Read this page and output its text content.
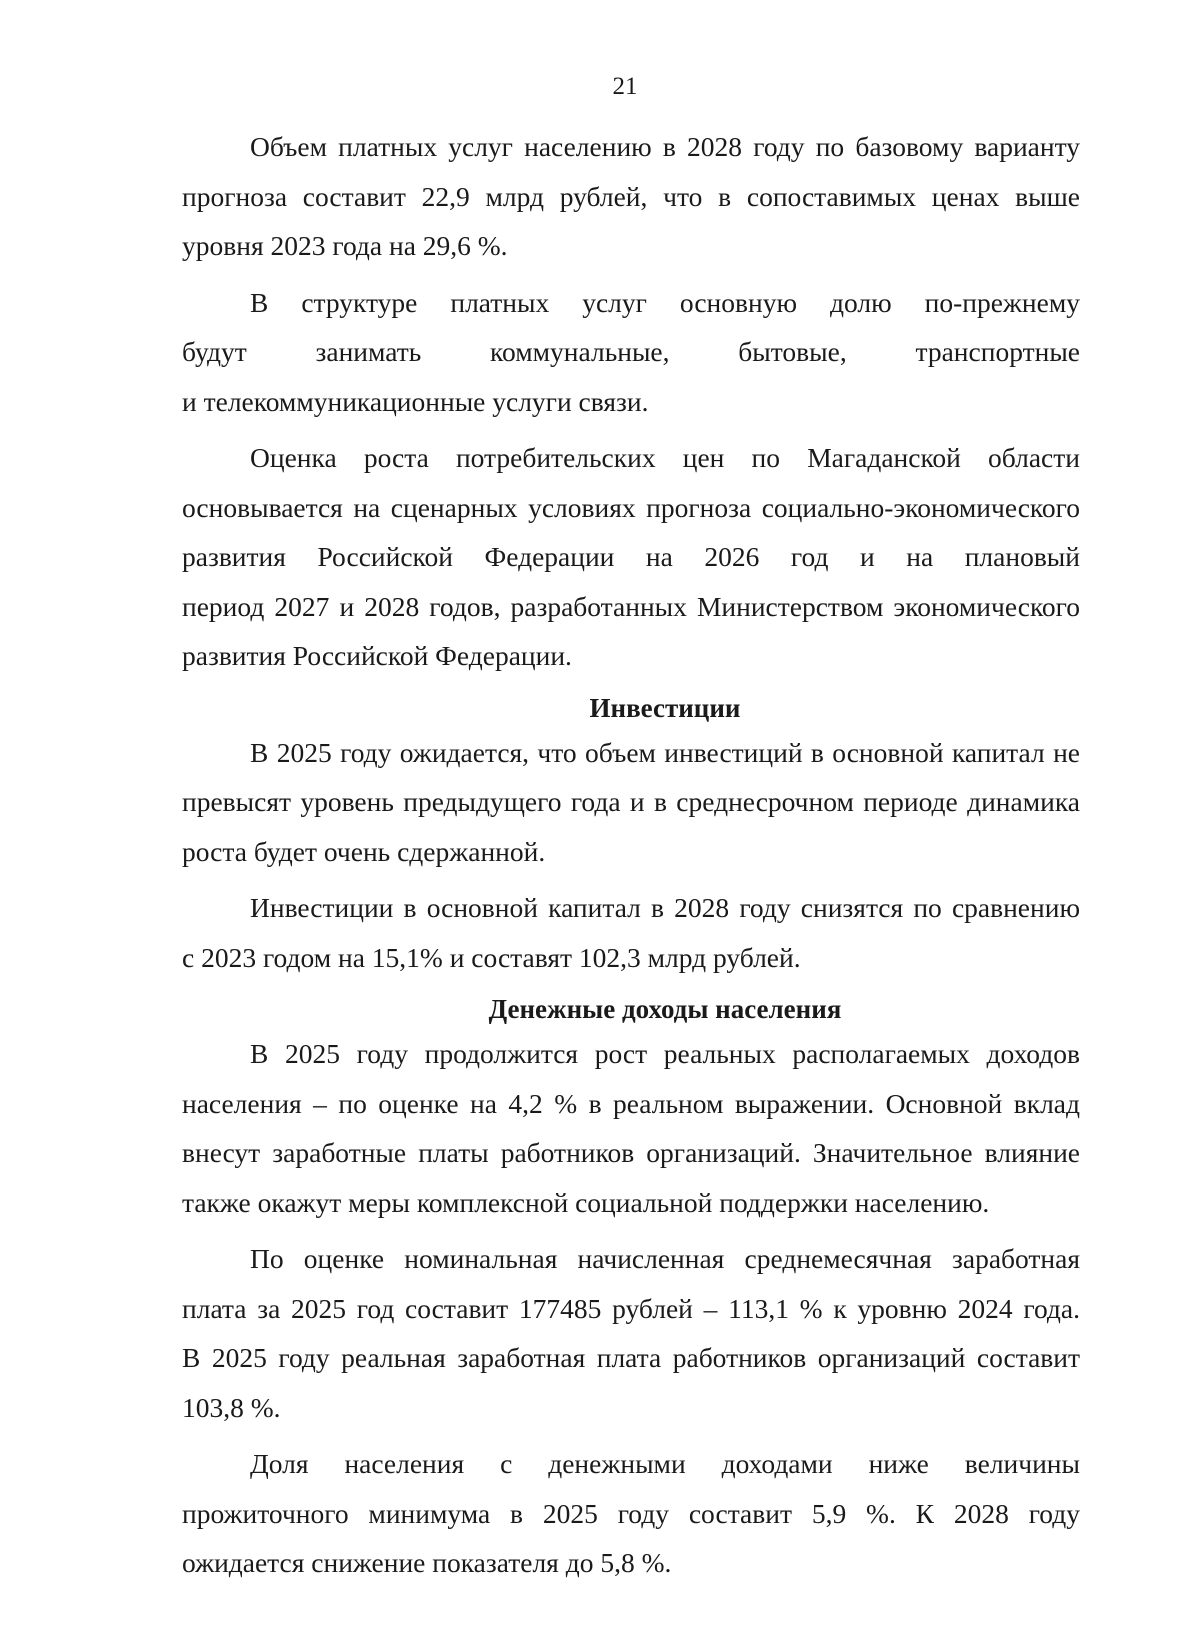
21
Объем платных услуг населению в 2028 году по базовому варианту
прогноза составит 22,9 млрд рублей, что в сопоставимых ценах выше
уровня 2023 года на 29,6 %.
В структуре платных услуг основную долю по-прежнему
будут занимать коммунальные, бытовые, транспортные
и телекоммуникационные услуги связи.
Оценка роста потребительских цен по Магаданской области
основывается на сценарных условиях прогноза социально-экономического
развития Российской Федерации на 2026 год и на плановый
период 2027 и 2028 годов, разработанных Министерством экономического
развития Российской Федерации.
Инвестиции
В 2025 году ожидается, что объем инвестиций в основной капитал не
превысят уровень предыдущего года и в среднесрочном периоде динамика
роста будет очень сдержанной.
Инвестиции в основной капитал в 2028 году снизятся по сравнению
с 2023 годом на 15,1% и составят 102,3 млрд рублей.
Денежные доходы населения
В 2025 году продолжится рост реальных располагаемых доходов
населения – по оценке на 4,2 % в реальном выражении. Основной вклад
внесут заработные платы работников организаций. Значительное влияние
также окажут меры комплексной социальной поддержки населению.
По оценке номинальная начисленная среднемесячная заработная
плата за 2025 год составит 177485 рублей – 113,1 % к уровню 2024 года.
В 2025 году реальная заработная плата работников организаций составит
103,8 %.
Доля населения с денежными доходами ниже величины
прожиточного минимума в 2025 году составит 5,9 %. К 2028 году
ожидается снижение показателя до 5,8 %.
